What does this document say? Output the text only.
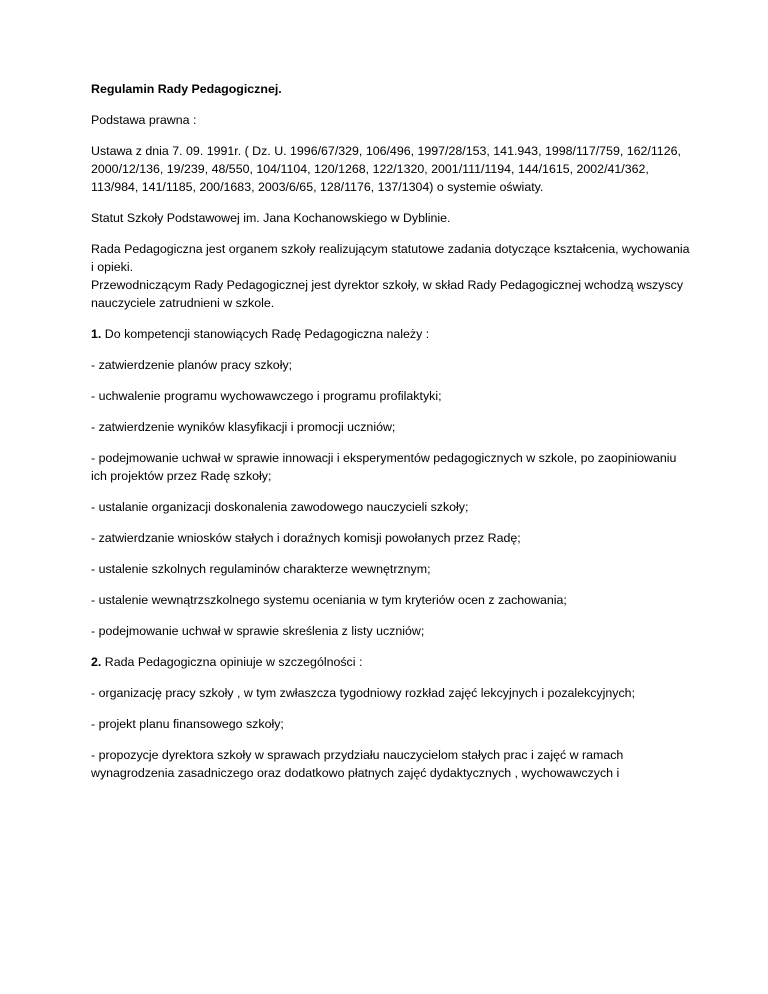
Regulamin Rady Pedagogicznej.

Podstawa prawna :

Ustawa z dnia 7. 09. 1991r. ( Dz. U. 1996/67/329, 106/496, 1997/28/153, 141.943, 1998/117/759, 162/1126, 2000/12/136, 19/239, 48/550, 104/1104, 120/1268, 122/1320, 2001/111/1194, 144/1615, 2002/41/362, 113/984, 141/1185, 200/1683, 2003/6/65, 128/1176, 137/1304) o systemie oświaty.

Statut Szkoły Podstawowej im. Jana Kochanowskiego w Dyblinie.

Rada Pedagogiczna jest organem szkoły realizującym statutowe zadania dotyczące kształcenia, wychowania i opieki.
Przewodniczącym Rady Pedagogicznej jest dyrektor szkoły, w skład Rady Pedagogicznej wchodzą wszyscy nauczyciele zatrudnieni w szkole.

1. Do kompetencji stanowiących Radę Pedagogiczna należy :

- zatwierdzenie planów pracy szkoły;

- uchwalenie programu wychowawczego i programu profilaktyki;

- zatwierdzenie wyników klasyfikacji i promocji uczniów;

- podejmowanie uchwał w sprawie innowacji i eksperymentów pedagogicznych w szkole, po zaopiniowaniu ich projektów przez Radę szkoły;

- ustalanie organizacji doskonalenia zawodowego nauczycieli szkoły;

- zatwierdzanie wniosków stałych i doraźnych komisji powołanych przez Radę;

- ustalenie szkolnych regulaminów charakterze wewnętrznym;

- ustalenie wewnątrzszkolnego systemu oceniania w tym kryteriów ocen z zachowania;

- podejmowanie uchwał w sprawie skreślenia z listy uczniów;

2. Rada Pedagogiczna opiniuje w szczególności :

- organizację pracy szkoły , w tym zwłaszcza tygodniowy rozkład zajęć lekcyjnych i pozalekcyjnych;

- projekt planu finansowego szkoły;

- propozycje dyrektora szkoły w sprawach przydziału nauczycielom stałych prac i zajęć w ramach wynagrodzenia zasadniczego oraz dodatkowo płatnych zajęć dydaktycznych , wychowawczych i
